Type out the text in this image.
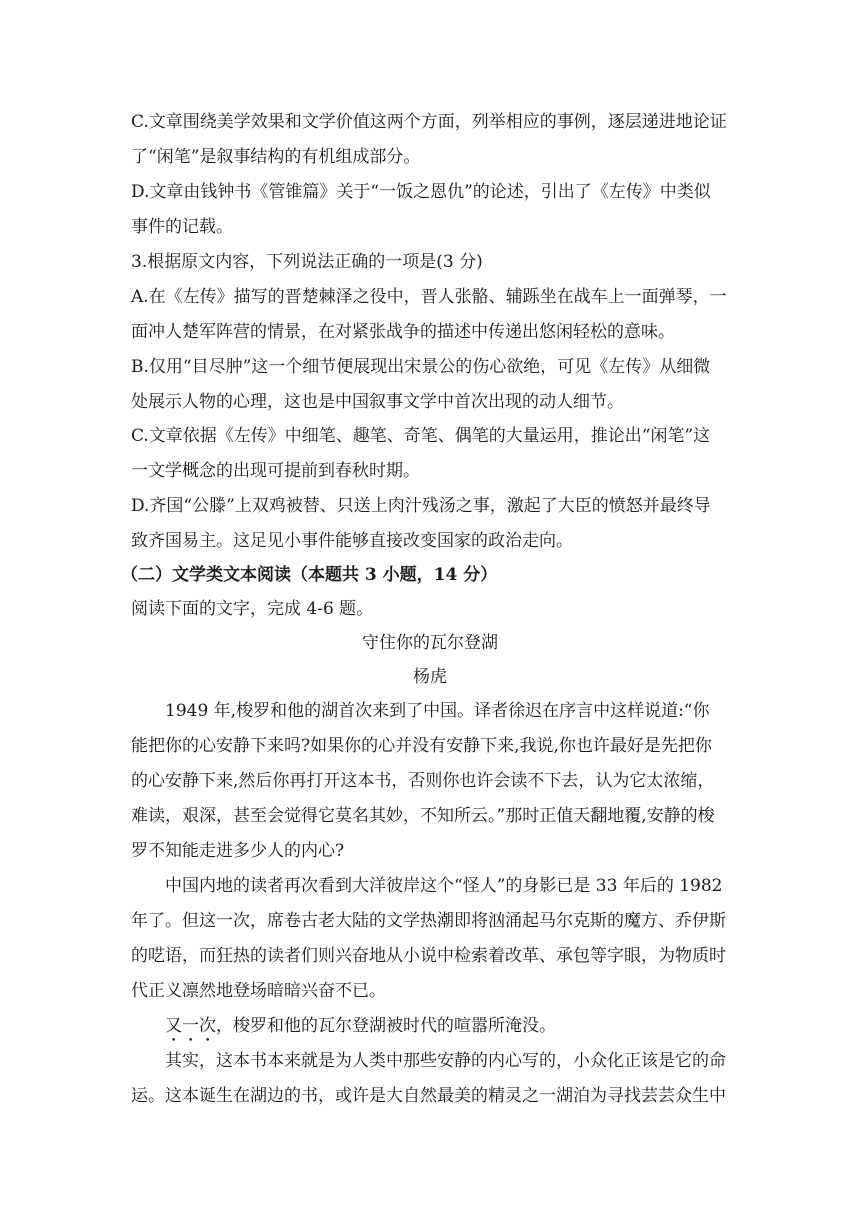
C.文章围绕美学效果和文学价值这两个方面，列举相应的事例，逐层递进地论证
了“闲笔”是叙事结构的有机组成部分。
D.文章由钱钟书《管锥篇》关于“一饭之恩仇”的论述，引出了《左传》中类似
事件的记载。
3.根据原文内容，下列说法正确的一项是(3 分)
A.在《左传》描写的晋楚棘泽之役中，晋人张骼、辅跞坐在战车上一面弹琴，一
面冲人楚军阵营的情景，在对紧张战争的描述中传递出悠闲轻松的意味。
B.仅用“目尽肿”这一个细节便展现出宋景公的伤心欲绝，可见《左传》从细微
处展示人物的心理，这也是中国叙事文学中首次出现的动人细节。
C.文章依据《左传》中细笔、趣笔、奇笔、偶笔的大量运用，推论出“闲笔”这
一文学概念的出现可提前到春秋时期。
D.齐国“公滕”上双鸡被替、只送上肉汁残汤之事，激起了大臣的愤怒并最终导
致齐国易主。这足见小事件能够直接改变国家的政治走向。
（二）文学类文本阅读（本题共 3 小题，14 分）
阅读下面的文字，完成 4-6 题。
守住你的瓦尔登湖
杨虎
1949 年,梭罗和他的湖首次来到了中国。译者徐迟在序言中这样说道:“你
能把你的心安静下来吗?如果你的心并没有安静下来,我说,你也许最好是先把你
的心安静下来,然后你再打开这本书，否则你也许会读不下去，认为它太浓缩，
难读，艰深，甚至会觉得它莫名其妙，不知所云。”那时正值天翻地覆,安静的梭
罗不知能走进多少人的内心?
中国内地的读者再次看到大洋彼岸这个“怪人”的身影已是 33 年后的 1982
年了。但这一次，席卷古老大陆的文学热潮即将汹涌起马尔克斯的魔方、乔伊斯
的呓语，而狂热的读者们则兴奋地从小说中检索着改革、承包等字眼，为物质时
代正义凛然地登场暗暗兴奋不已。
又一次，梭罗和他的瓦尔登湖被时代的喧嚣所淹没。
其实，这本书本来就是为人类中那些安静的内心写的，小众化正该是它的命
运。这本诞生在湖边的书，或许是大自然最美的精灵之一湖泊为寻找芸芸众生中
